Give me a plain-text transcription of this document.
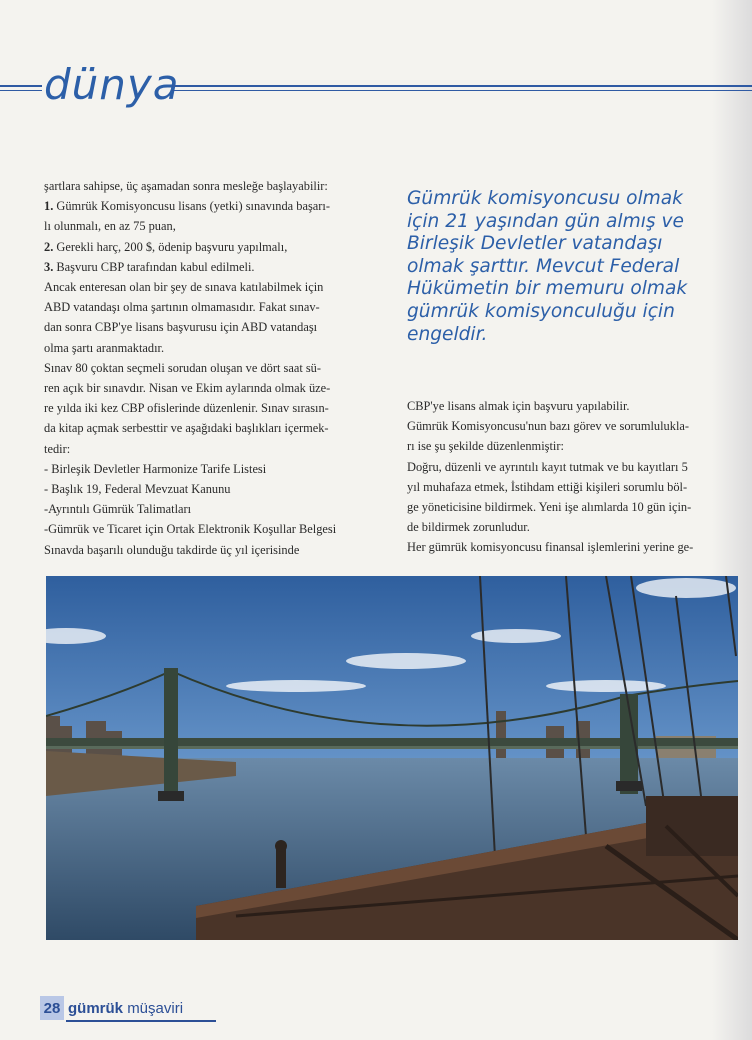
dünya
şartlara sahipse, üç aşamadan sonra mesleğe başlayabilir:
1. Gümrük Komisyoncusu lisans (yetki) sınavında başarı-
lı olunmalı, en az 75 puan,
2. Gerekli harç, 200 $, ödenip başvuru yapılmalı,
3. Başvuru CBP tarafından kabul edilmeli.
Ancak enteresan olan bir şey de sınava katılabilmek için
ABD vatandaşı olma şartının olmamasıdır. Fakat sınav-
dan sonra CBP'ye lisans başvurusu için ABD vatandaşı
olma şartı aranmaktadır.
Sınav 80 çoktan seçmeli sorudan oluşan ve dört saat sü-
ren açık bir sınavdır. Nisan ve Ekim aylarında olmak üze-
re yılda iki kez CBP ofislerinde düzenlenir. Sınav sırasın-
da kitap açmak serbesttir ve aşağıdaki başlıkları içermek-
tedir:
- Birleşik Devletler Harmonize Tarife Listesi
- Başlık 19, Federal Mevzuat Kanunu
-Ayrıntılı Gümrük Talimatları
-Gümrük ve Ticaret için Ortak Elektronik Koşullar Belgesi
Sınavda başarılı olunduğu takdirde üç yıl içerisinde
Gümrük komisyoncusu olmak
için 21 yaşından gün almış ve
Birleşik Devletler vatandaşı
olmak şarttır. Mevcut Federal
Hükümetin bir memuru olmak
gümrük komisyonculuğu için
engeldir.
CBP'ye lisans almak için başvuru yapılabilir.
Gümrük Komisyoncusu'nun bazı görev ve sorumlulukla-
rı ise şu şekilde düzenlenmiştir:
Doğru, düzenli ve ayrıntılı kayıt tutmak ve bu kayıtları 5
yıl muhafaza etmek, İstihdam ettiği kişileri sorumlu böl-
ge yöneticisine bildirmek. Yeni işe alımlarda 10 gün için-
de bildirmek zorunludur.
Her gümrük komisyoncusu finansal işlemlerini yerine ge-
28 gümrük müşaviri
